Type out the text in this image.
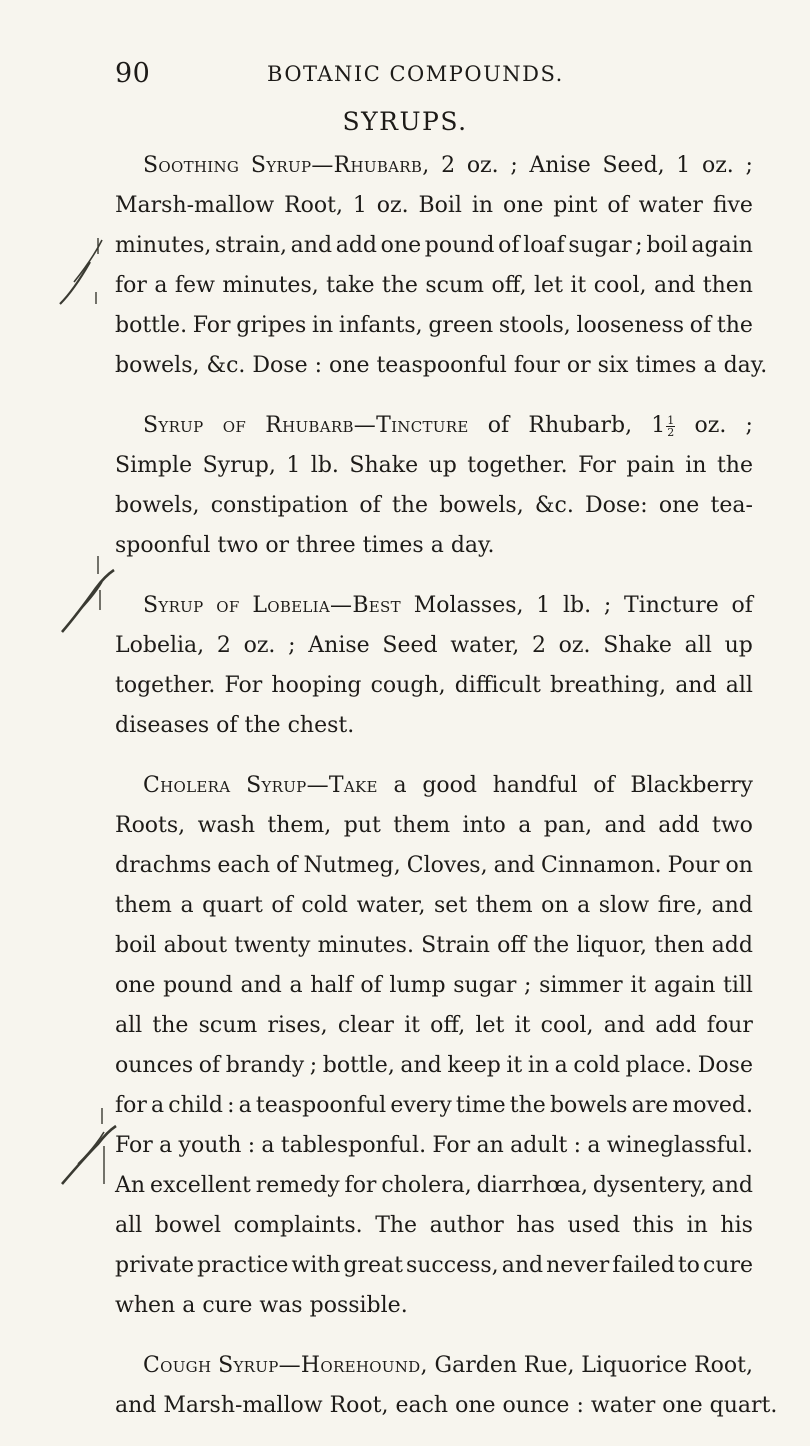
90	BOTANIC COMPOUNDS.
SYRUPS.
Soothing Syrup—Rhubarb, 2 oz. ; Anise Seed, 1 oz. ;
Marsh-mallow Root, 1 oz. Boil in one pint of water five
minutes, strain, and add one pound of loaf sugar ; boil again
for a few minutes, take the scum off, let it cool, and then
bottle. For gripes in infants, green stools, looseness of the
bowels, &c. Dose : one teaspoonful four or six times a day.
Syrup of Rhubarb—Tincture of Rhubarb, $1 \frac{1}{2}$ oz. ;
Simple Syrup, 1 lb. Shake up together. For pain in the
bowels, constipation of the bowels, &c. Dose: one tea-
spoonful two or three times a day.
Syrup of Lobelia—Best Molasses, 1 lb. ; Tincture of
Lobelia, 2 oz. ; Anise Seed water, 2 oz. Shake all up
together. For hooping cough, difficult breathing, and all
diseases of the chest.
Cholera Syrup—Take a good handful of Blackberry
Roots, wash them, put them into a pan, and add two
drachms each of Nutmeg, Cloves, and Cinnamon. Pour on
them a quart of cold water, set them on a slow fire, and
boil about twenty minutes. Strain off the liquor, then add
one pound and a half of lump sugar ; simmer it again till
all the scum rises, clear it off, let it cool, and add four
ounces of brandy ; bottle, and keep it in a cold place. Dose
for a child : a teaspoonful every time the bowels are moved.
For a youth : a tablesponful. For an adult : a wineglassful.
An excellent remedy for cholera, diarrhœa, dysentery, and
all bowel complaints. The author has used this in his
private practice with great success, and never failed to cure
when a cure was possible.
Cough Syrup—Horehound, Garden Rue, Liquorice Root,
and Marsh-mallow Root, each one ounce : water one quart.
